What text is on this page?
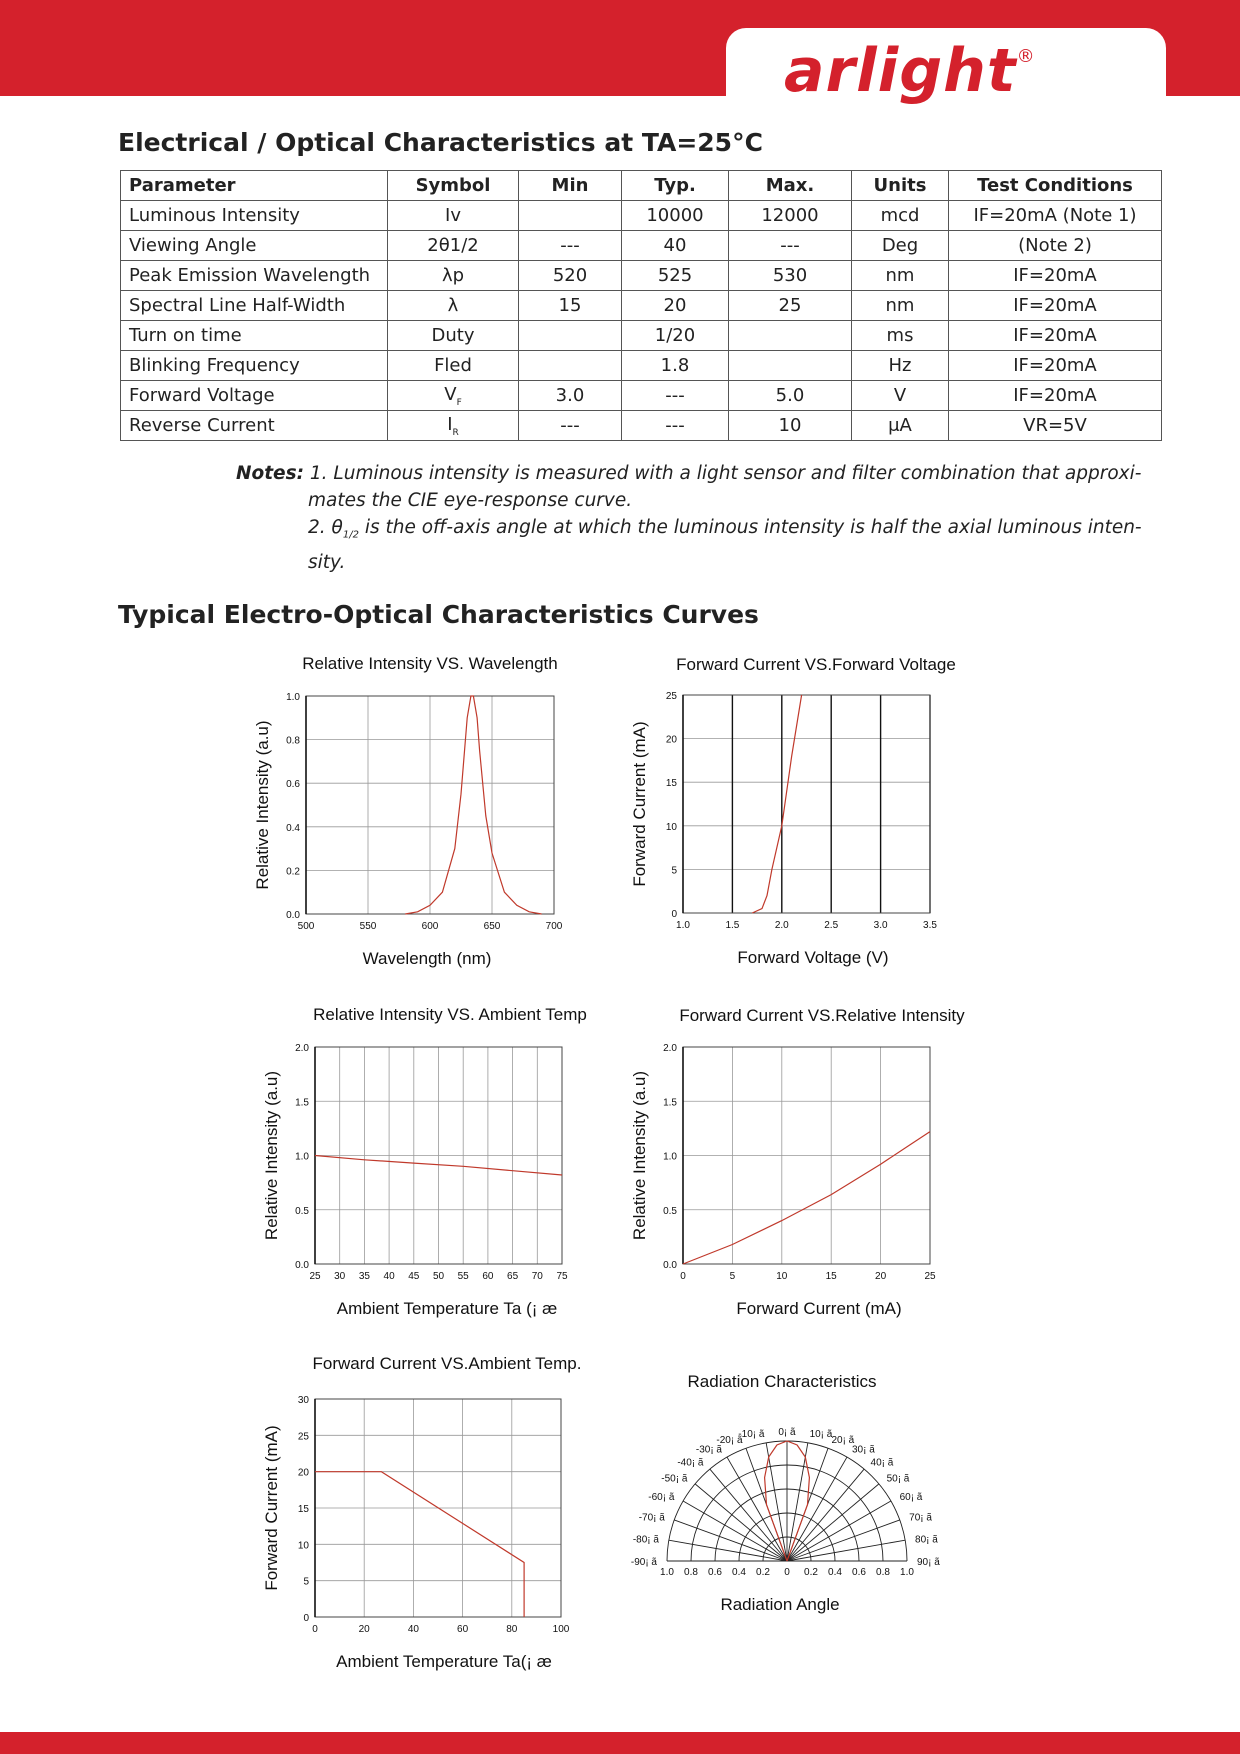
arlight®
Electrical / Optical Characteristics at TA=25°C
Parameter	Symbol	Min	Typ.	Max.	Units	Test Conditions
Luminous Intensity	Iv		10000	12000	mcd	IF=20mA (Note 1)
Viewing Angle	2θ1/2	---	40	---	Deg	(Note 2)
Peak Emission Wavelength	λp	520	525	530	nm	IF=20mA
Spectral Line Half-Width	λ	15	20	25	nm	IF=20mA
Turn on time	Duty		1/20		ms	IF=20mA
Blinking Frequency	Fled		1.8		Hz	IF=20mA
Forward Voltage	$V_F$	3.0	---	5.0	V	IF=20mA
Reverse Current	$I_R$	---	---	10	μA	VR=5V
Notes: 1. Luminous intensity is measured with a light sensor and filter combination that approxi-
mates the CIE eye-response curve.
2. $\theta_{1/2}$ is the off-axis angle at which the luminous intensity is half the axial luminous inten-
sity.
Typical Electro-Optical Characteristics Curves
Relative Intensity VS. Wavelength
0.0
0.2
0.4
0.6
0.8
1.0
500	550	600	650	700
Wavelength (nm)
Relative Intensity (a.u)
Forward Current VS.Forward Voltage
0
5
10
15
20
25
1.0	1.5	2.0	2.5	3.0	3.5
Forward Voltage (V)
Forward Current (mA)
Relative Intensity VS. Ambient Temp
0.0
0.5
1.0
1.5
2.0
25 30 35 40 45 50 55 60 65 70 75
Ambient Temperature Ta (¡ æ
Relative Intensity (a.u)
Forward Current VS.Relative Intensity
0.0
0.5
1.0
1.5
2.0
0	5	10	15	20	25
Forward Current (mA)
Relative Intensity (a.u)
Forward Current VS.Ambient Temp.
0
5
10
15
20
25
30
0	20	40	60	80	100
Ambient Temperature Ta(¡ æ
Forward Current (mA)
Radiation Characteristics
-10¡ ã
-20¡ ã
-30¡ ã
-40¡ ã
-50¡ ã
-60¡ ã
-70¡ ã
-80¡ ã
-90¡ ã
0¡ ã 10¡ ã
20¡ ã
30¡ ã
40¡ ã
50¡ ã
60¡ ã
70¡ ã
80¡ ã
90¡ ã
1.0 0.8 0.6 0.4 0.2 0 0.2 0.4 0.6 0.8 1.0
Radiation Angle
